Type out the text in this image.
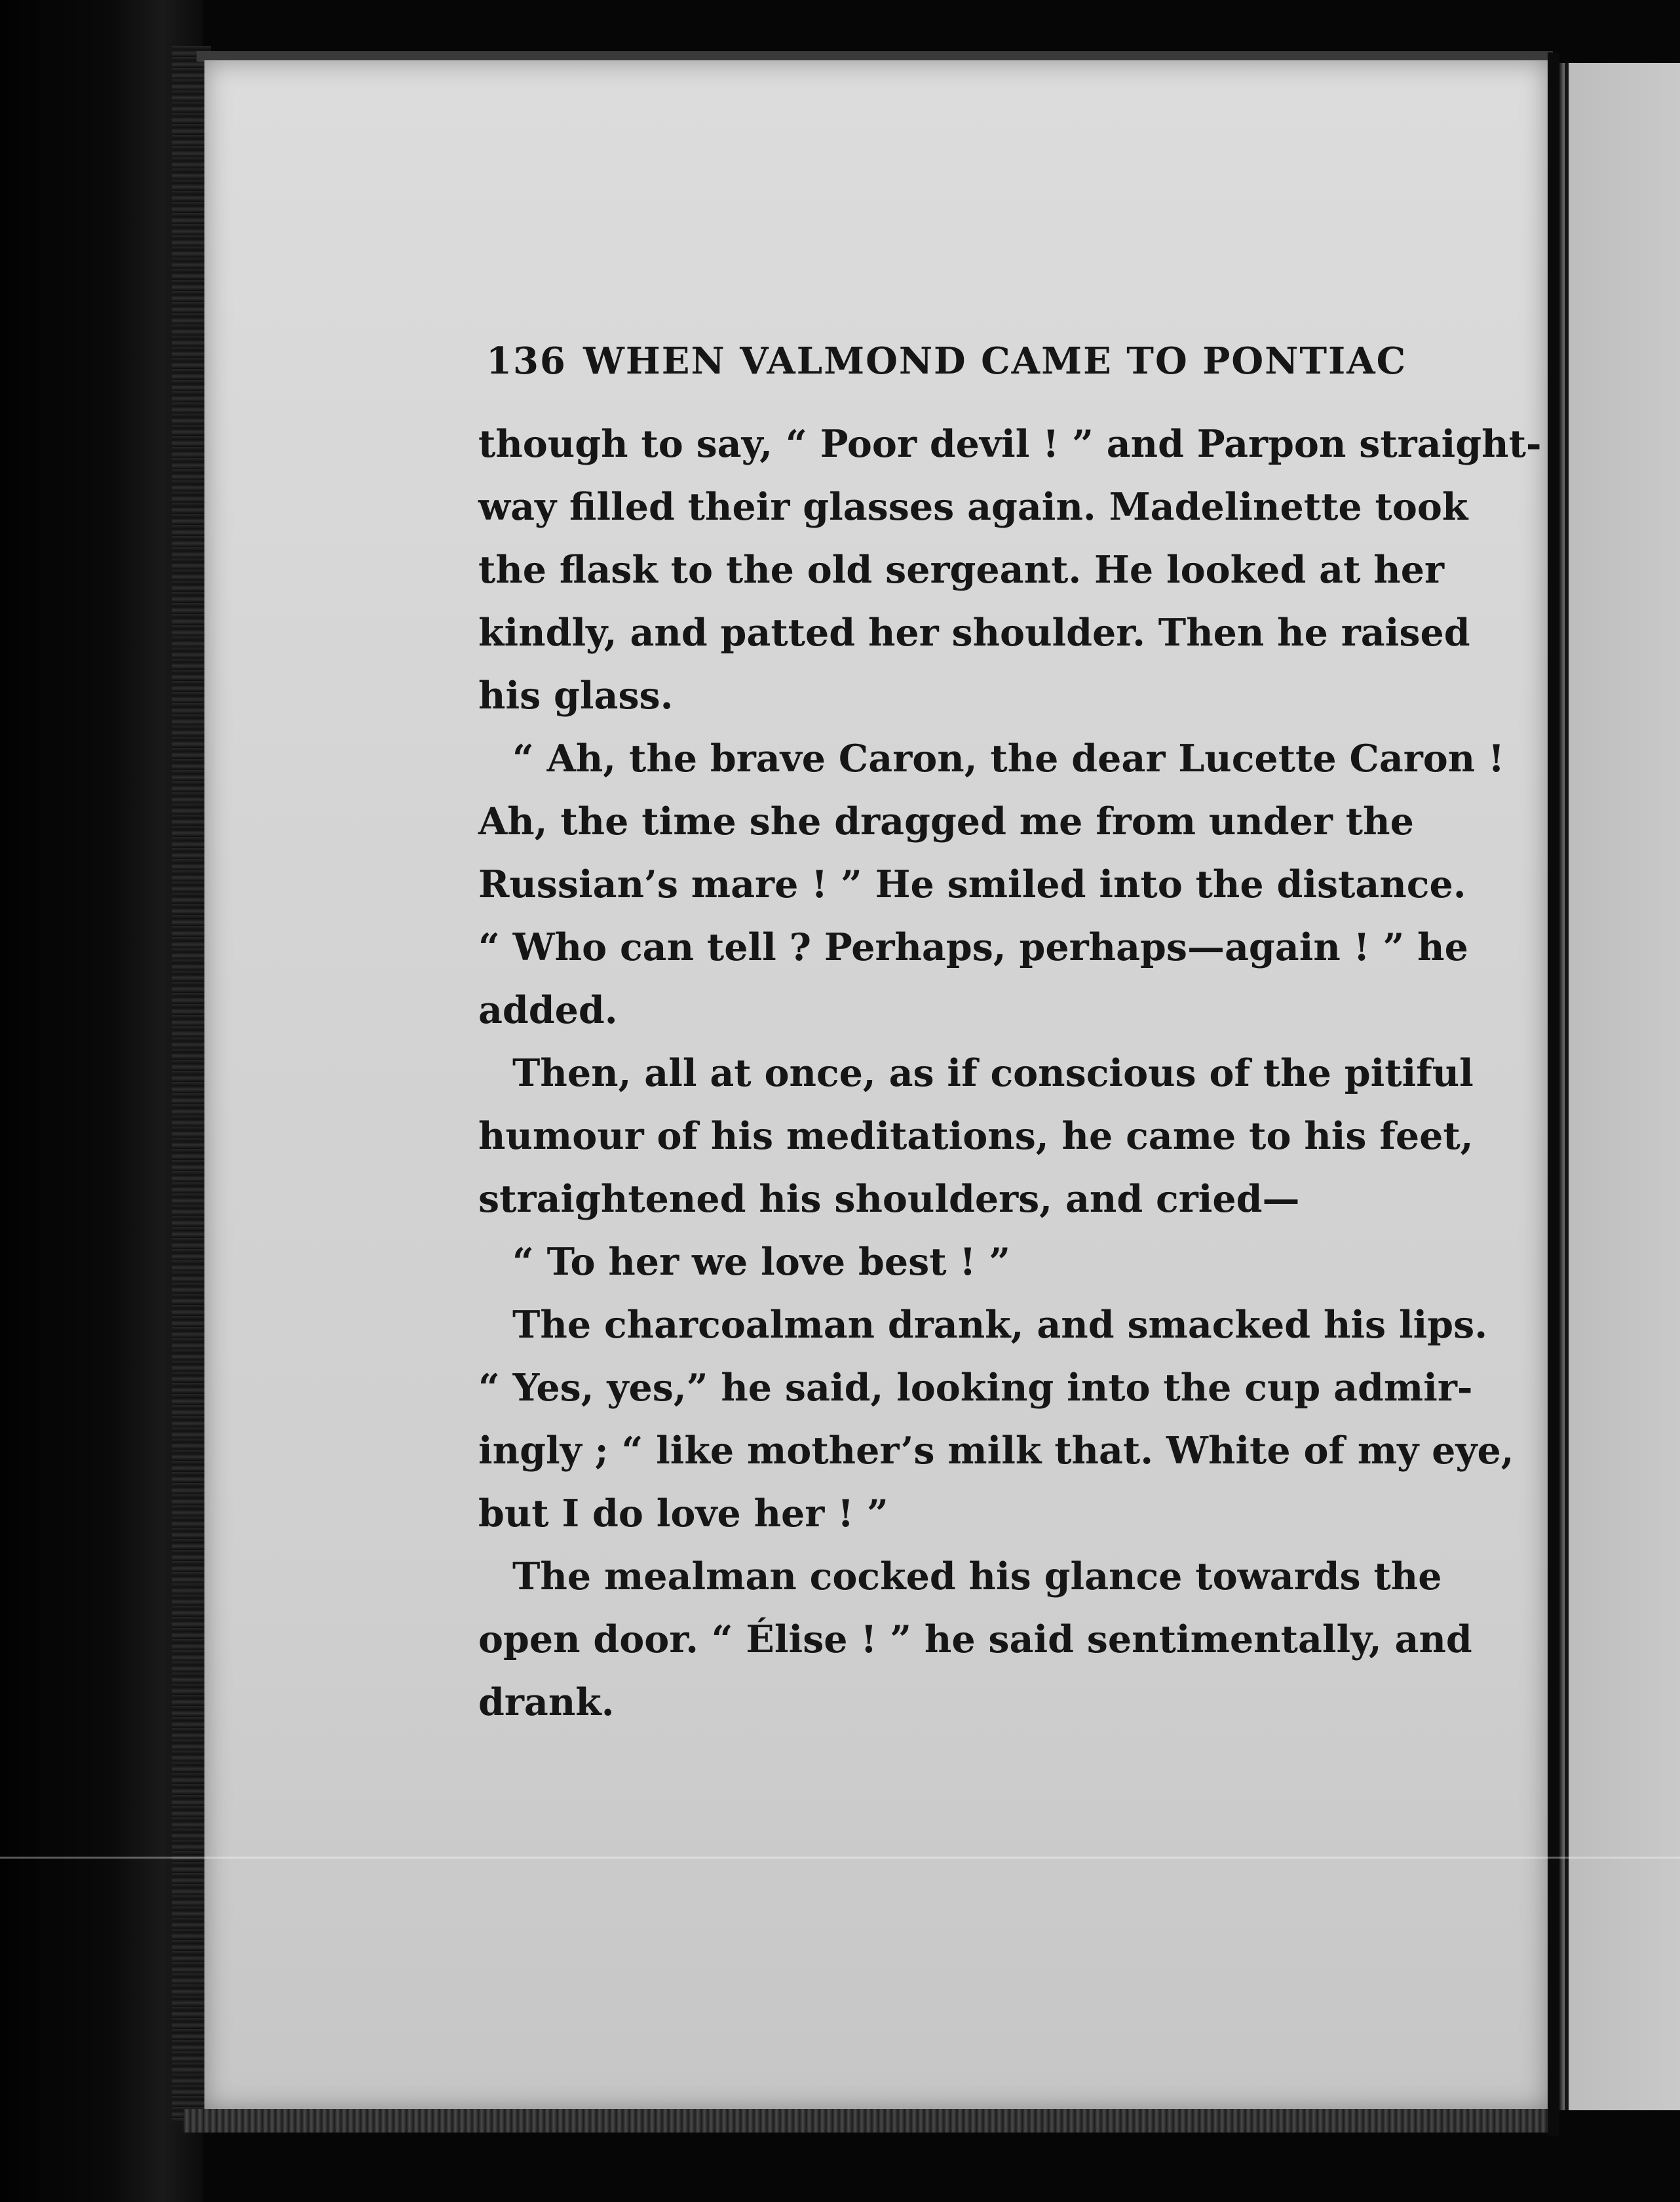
136 WHEN VALMOND CAME TO PONTIAC
though to say, “ Poor devil ! ” and Parpon straight-
way filled their glasses again. Madelinette took
the flask to the old sergeant. He looked at her
kindly, and patted her shoulder. Then he raised
his glass.
“ Ah, the brave Caron, the dear Lucette Caron !
Ah, the time she dragged me from under the
Russian’s mare ! ” He smiled into the distance.
“ Who can tell ? Perhaps, perhaps—again ! ” he
added.
Then, all at once, as if conscious of the pitiful
humour of his meditations, he came to his feet,
straightened his shoulders, and cried—
“ To her we love best ! ”
The charcoalman drank, and smacked his lips.
“ Yes, yes,” he said, looking into the cup admir-
ingly ; “ like mother’s milk that. White of my eye,
but I do love her ! ”
The mealman cocked his glance towards the
open door. “ Élise ! ” he said sentimentally, and
drank.
